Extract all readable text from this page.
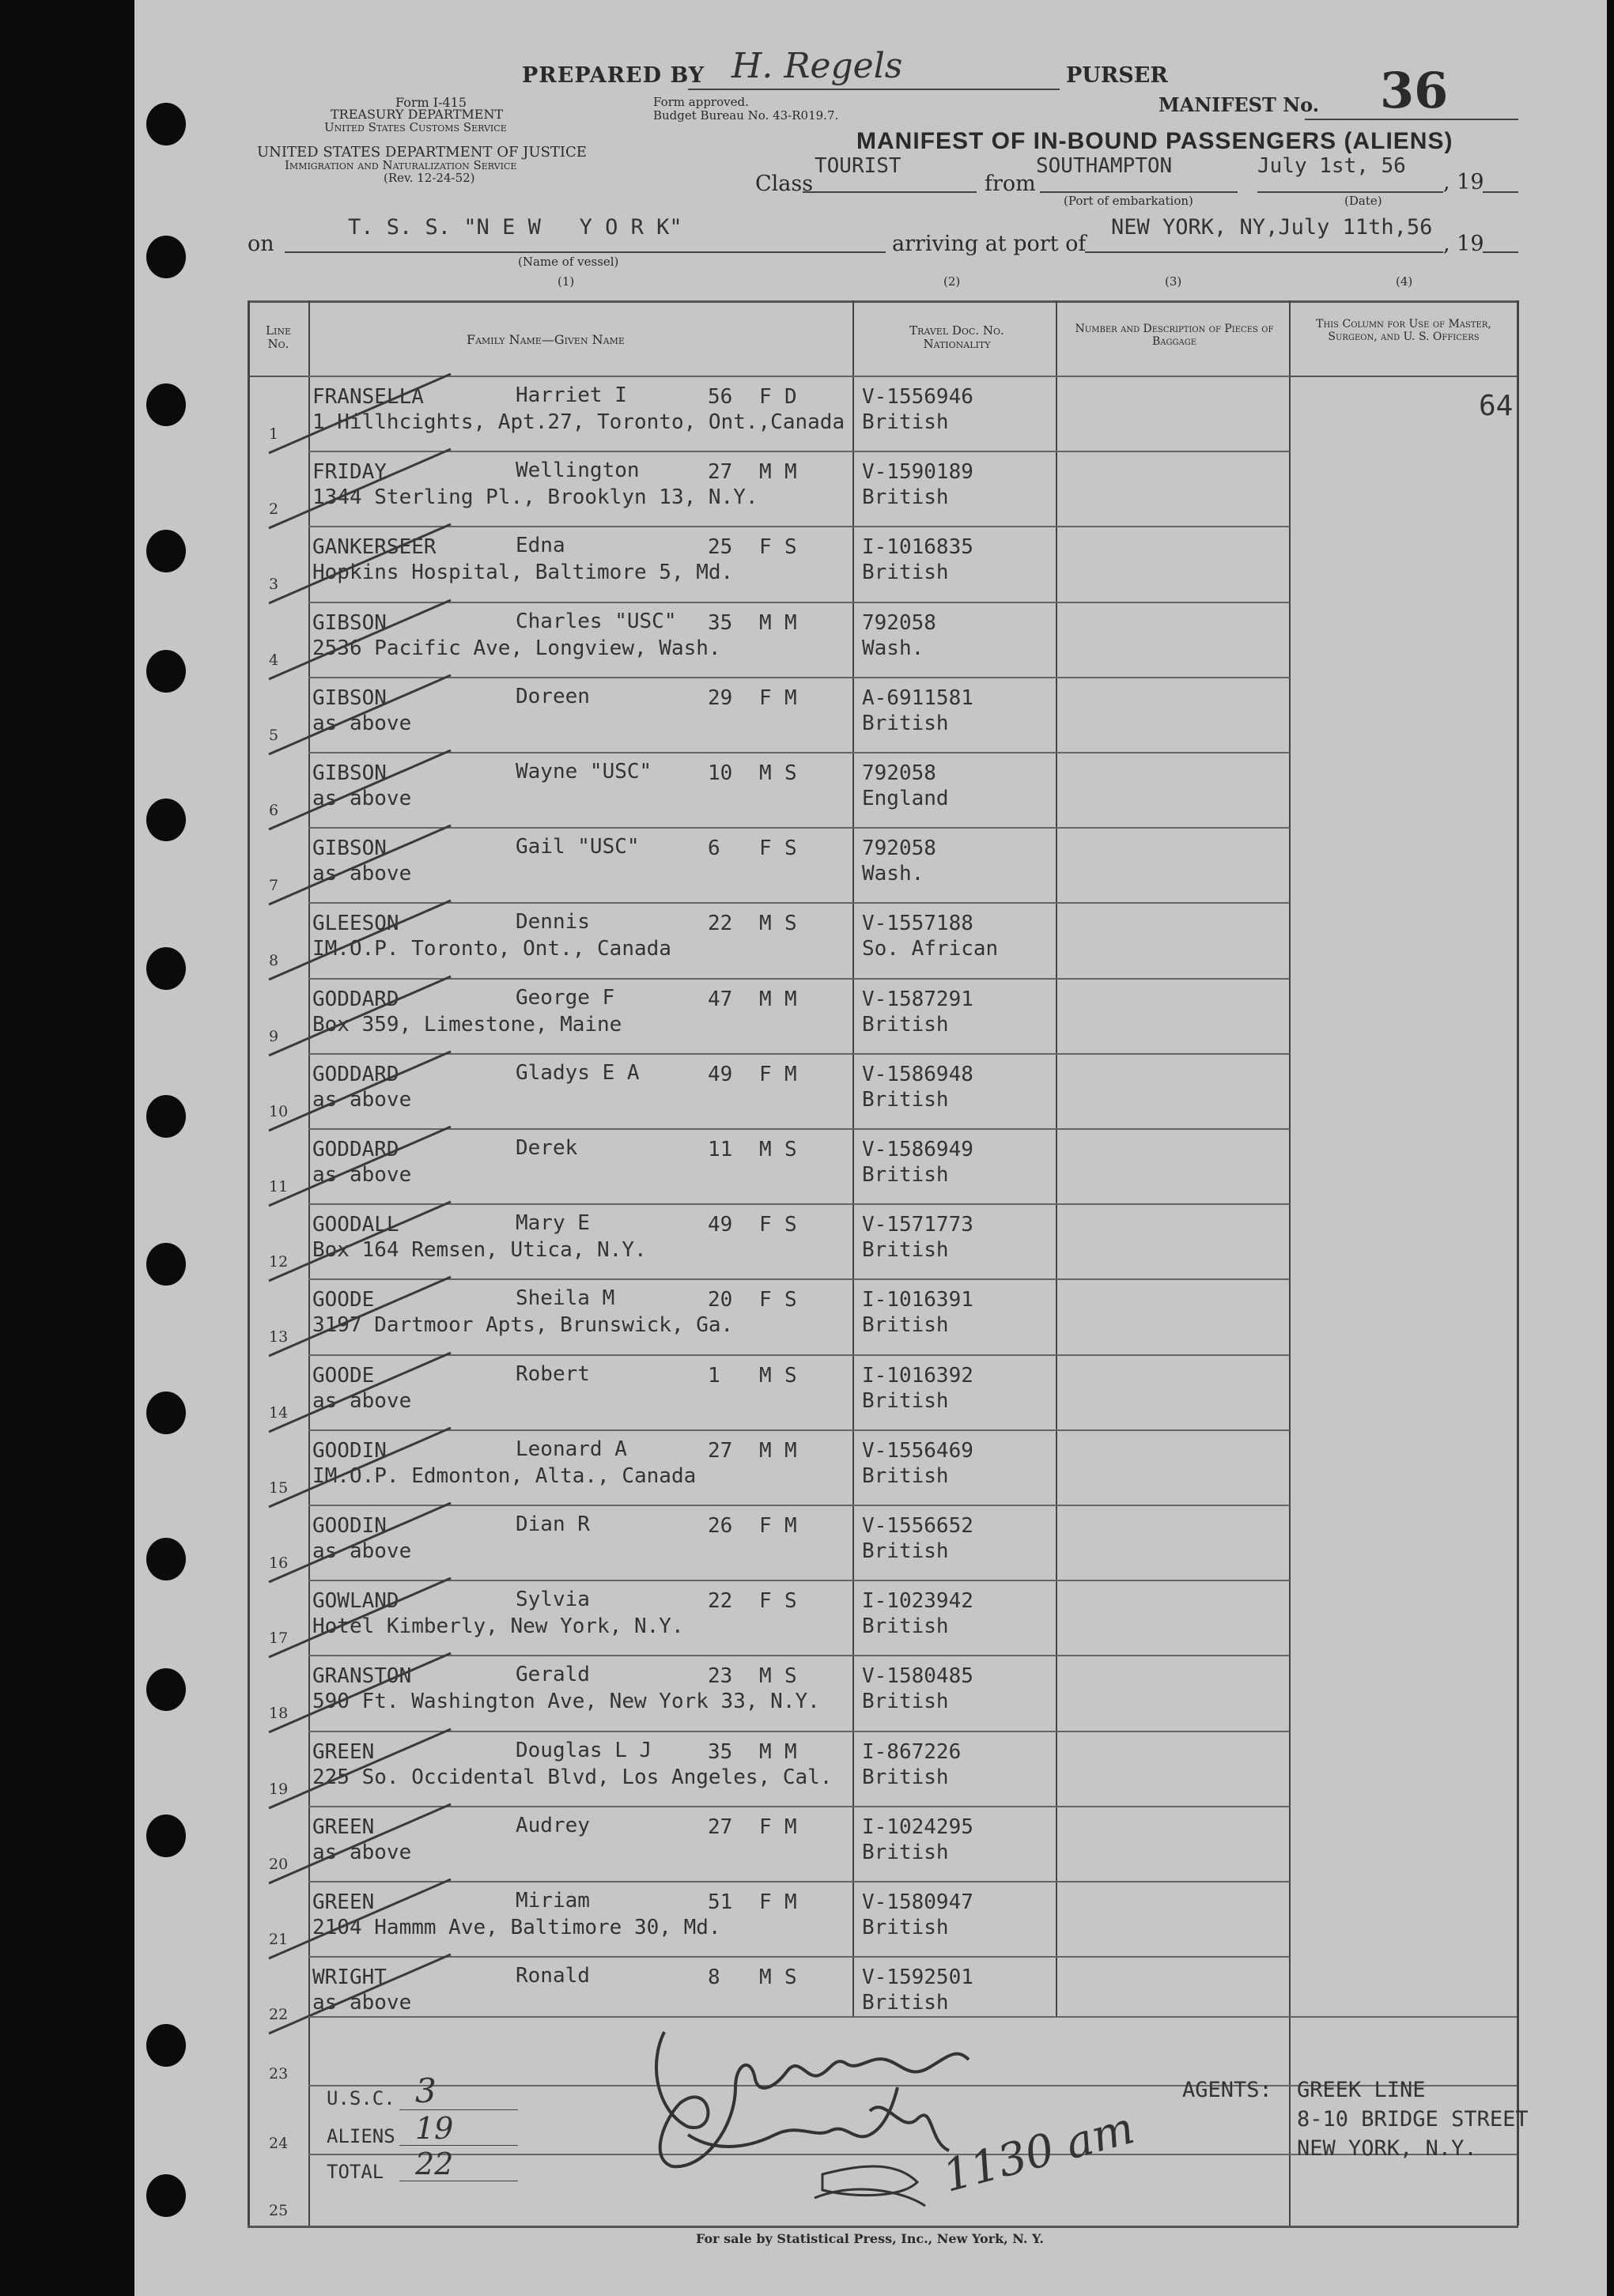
PREPARED BY H. Regels	PURSER
MANIFEST No. 36
Form I-415
TREASURY DEPARTMENT
United States Customs Service
UNITED STATES DEPARTMENT OF JUSTICE
Immigration and Naturalization Service
(Rev. 12-24-52)
Form approved.
Budget Bureau No. 43-R019.7.
MANIFEST OF IN-BOUND PASSENGERS (ALIENS)
TOURIST
Class	from
SOUTHAMPTON	July 1st, 56
, 19
(Port of embarkation)	(Date)
on
T. S. S. "N E W   Y O R K"
arriving at port of
NEW YORK, NY,July 11th,56
, 19
(Name of vessel)
(1)	(2)	(3)	(4)
Line No.	Family Name—Given Name
Travel Doc. No. Nationality
Number and Description of Pieces of Baggage
This Column for Use of Master, Surgeon, and U. S. Officers
64
1
FRANSELLA	Harriet I	56 F D
1 Hillhcights, Apt.27, Toronto, Ont.,Canada
V-1556946
British
2
FRIDAY	Wellington	27 M M
1344 Sterling Pl., Brooklyn 13, N.Y.
V-1590189
British
3
GANKERSEER	Edna	25 F S
Hopkins Hospital, Baltimore 5, Md.
I-1016835
British
4
GIBSON	Charles "USC" 35 M M
2536 Pacific Ave, Longview, Wash.
792058
Wash.
5
GIBSON	Doreen	29 F M
as above
A-6911581
British
6
GIBSON	Wayne "USC"	10 M S
as above
792058
England
7
GIBSON	Gail "USC"	6 F S
as above
792058
Wash.
8
GLEESON	Dennis	22 M S
IM.O.P. Toronto, Ont., Canada
V-1557188
So. African
9
GODDARD	George F	47 M M
Box 359, Limestone, Maine
V-1587291
British
10
GODDARD	Gladys E A	49 F M
as above
V-1586948
British
11
GODDARD	Derek	11 M S
as above
V-1586949
British
12
GOODALL	Mary E	49 F S
Box 164 Remsen, Utica, N.Y.
V-1571773
British
13
GOODE	Sheila M	20 F S
3197 Dartmoor Apts, Brunswick, Ga.
I-1016391
British
14
GOODE	Robert	1 M S
as above
I-1016392
British
15
GOODIN	Leonard A	27 M M
IM.O.P. Edmonton, Alta., Canada
V-1556469
British
16
GOODIN	Dian R	26 F M
as above
V-1556652
British
17
GOWLAND	Sylvia	22 F S
Hotel Kimberly, New York, N.Y.
I-1023942
British
18
GRANSTON	Gerald	23 M S
590 Ft. Washington Ave, New York 33, N.Y.
V-1580485
British
19
GREEN	Douglas L J	35 M M
225 So. Occidental Blvd, Los Angeles, Cal.
I-867226
British
20
GREEN	Audrey	27 F M
as above
I-1024295
British
21
GREEN	Miriam	51 F M
2104 Hammm Ave, Baltimore 30, Md.
V-1580947
British
22
WRIGHT	Ronald	8 M S
as above
V-1592501
British
23
24
25
U.S.C. 3
ALIENS 19
TOTAL 22
AGENTS: GREEK LINE
8-10 BRIDGE STREET
NEW YORK, N.Y.
1130 am
For sale by Statistical Press, Inc., New York, N. Y.
